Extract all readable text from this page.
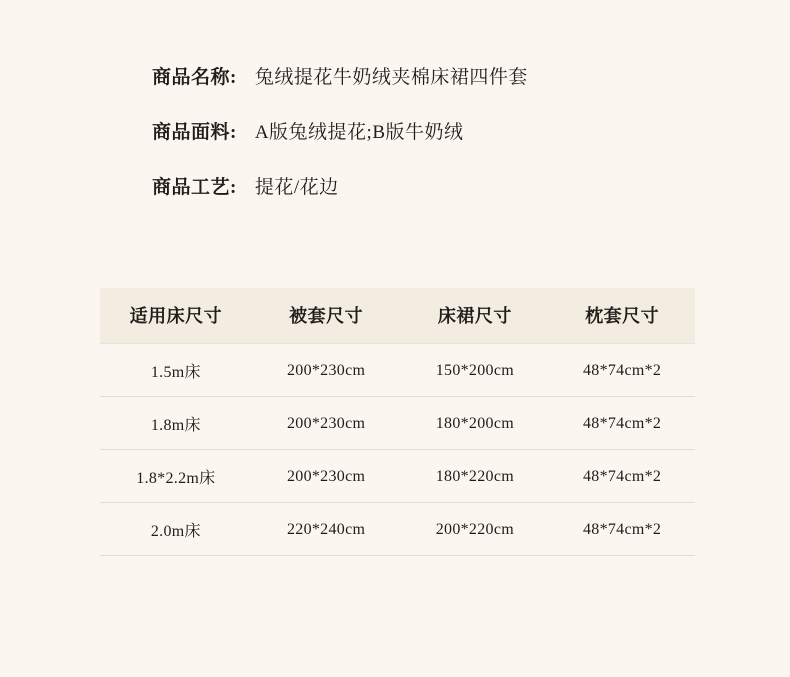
商品名称: 兔绒提花牛奶绒夹棉床裙四件套
商品面料: A版兔绒提花;B版牛奶绒
商品工艺: 提花/花边
适用床尺寸	被套尺寸	床裙尺寸	枕套尺寸
1.5m床	200*230cm	150*200cm	48*74cm*2
1.8m床	200*230cm	180*200cm	48*74cm*2
1.8*2.2m床	200*230cm	180*220cm	48*74cm*2
2.0m床	220*240cm	200*220cm	48*74cm*2
